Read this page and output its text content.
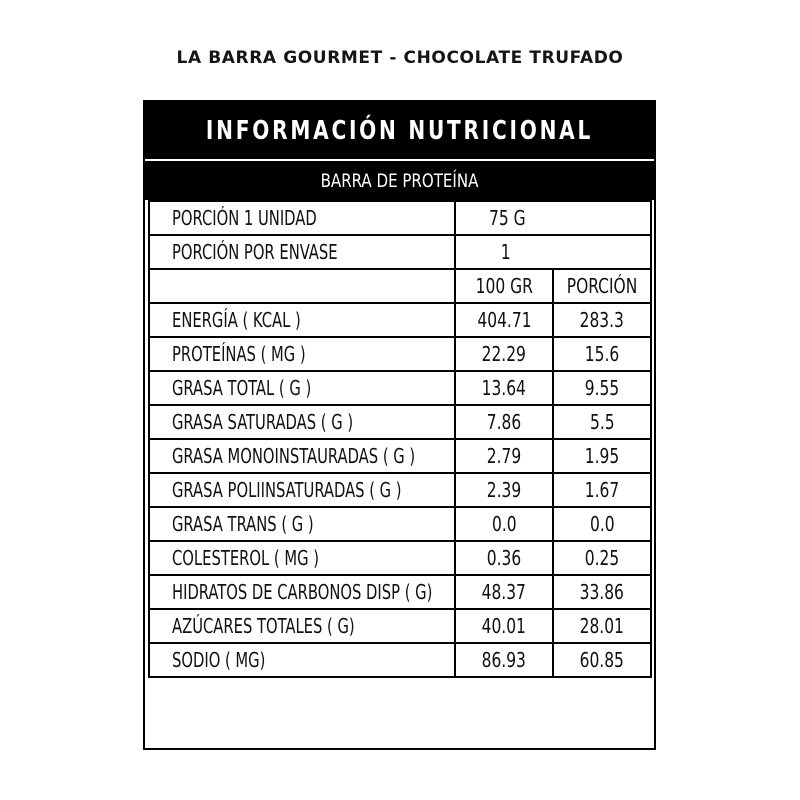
LA BARRA GOURMET - CHOCOLATE TRUFADO
INFORMACIÓN NUTRICIONAL
BARRA DE PROTEÍNA
PORCIÓN 1 UNIDAD	75 G	
PORCIÓN POR ENVASE	1	
	100 GR	PORCIÓN
ENERGÍA ( KCAL )	404.71	283.3
PROTEÍNAS ( MG )	22.29	15.6
GRASA TOTAL ( G )	13.64	9.55
GRASA SATURADAS ( G )	7.86	5.5
GRASA MONOINSTAURADAS ( G )	2.79	1.95
GRASA POLIINSATURADAS ( G )	2.39	1.67
GRASA TRANS ( G )	0.0	0.0
COLESTEROL ( MG )	0.36	0.25
HIDRATOS DE CARBONOS DISP ( G)	48.37	33.86
AZÚCARES TOTALES ( G)	40.01	28.01
SODIO ( MG)	86.93	60.85
